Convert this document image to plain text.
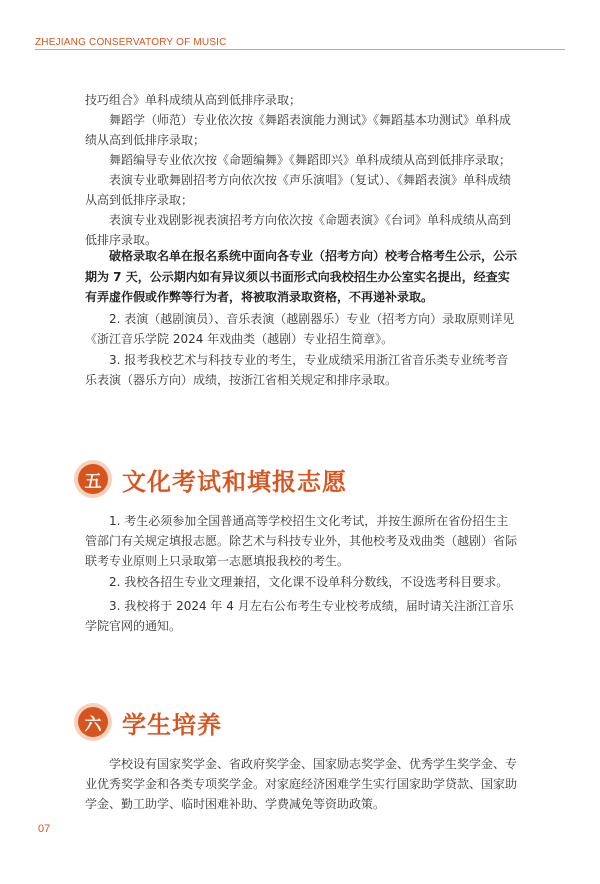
ZHEJIANG CONSERVATORY OF MUSIC

技巧组合》单科成绩从高到低排序录取；

舞蹈学（师范）专业依次按《舞蹈表演能力测试》《舞蹈基本功测试》单科成绩从高到低排序录取；

舞蹈编导专业依次按《命题编舞》《舞蹈即兴》单科成绩从高到低排序录取；

表演专业歌舞剧招考方向依次按《声乐演唱》（复试）、《舞蹈表演》单科成绩从高到低排序录取；

表演专业戏剧影视表演招考方向依次按《命题表演》《台词》单科成绩从高到低排序录取。

破格录取名单在报名系统中面向各专业（招考方向）校考合格考生公示，公示期为 7 天，公示期内如有异议须以书面形式向我校招生办公室实名提出，经查实有弄虚作假或作弊等行为者，将被取消录取资格，不再递补录取。

2. 表演（越剧演员）、音乐表演（越剧器乐）专业（招考方向）录取原则详见《浙江音乐学院 2024 年戏曲类（越剧）专业招生简章》。

3. 报考我校艺术与科技专业的考生，专业成绩采用浙江省音乐类专业统考音乐表演（器乐方向）成绩，按浙江省相关规定和排序录取。

五 文化考试和填报志愿

1. 考生必须参加全国普通高等学校招生文化考试，并按生源所在省份招生主管部门有关规定填报志愿。除艺术与科技专业外，其他校考及戏曲类（越剧）省际联考专业原则上只录取第一志愿填报我校的考生。

2. 我校各招生专业文理兼招，文化课不设单科分数线，不设选考科目要求。

3. 我校将于 2024 年 4 月左右公布考生专业校考成绩，届时请关注浙江音乐学院官网的通知。

六 学生培养

学校设有国家奖学金、省政府奖学金、国家励志奖学金、优秀学生奖学金、专业优秀奖学金和各类专项奖学金。对家庭经济困难学生实行国家助学贷款、国家助学金、勤工助学、临时困难补助、学费减免等资助政策。

07
